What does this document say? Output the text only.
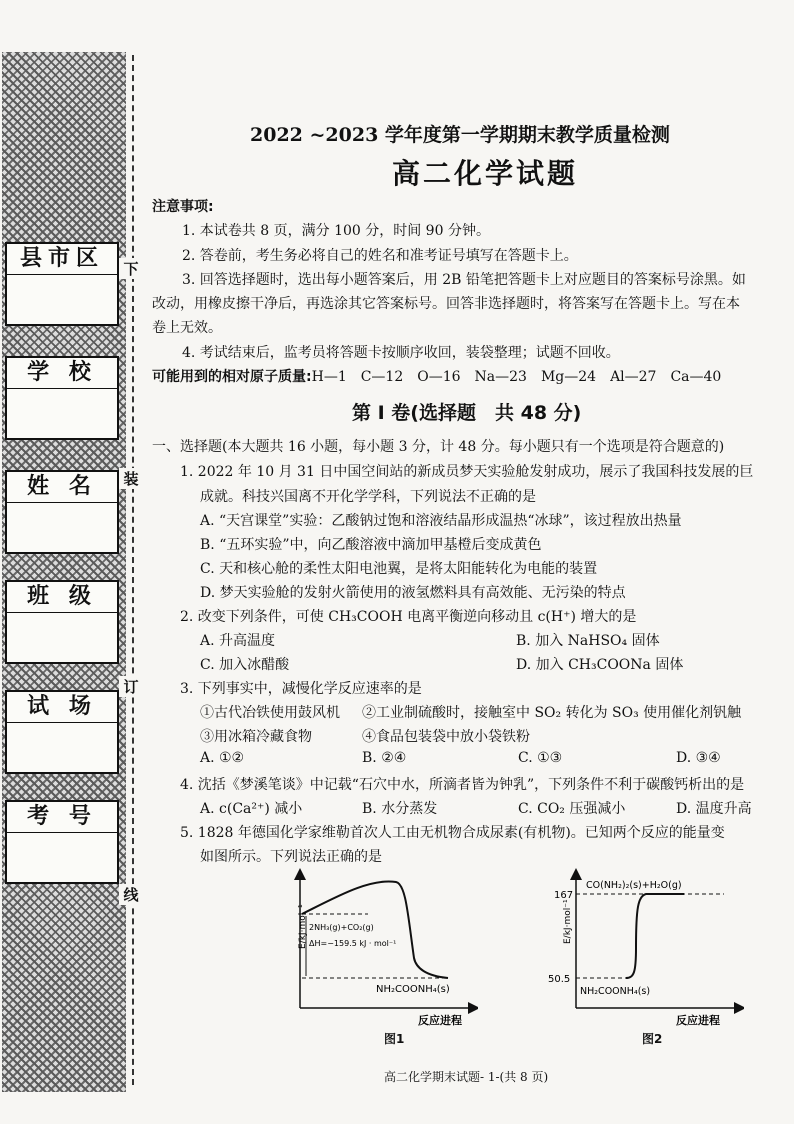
县市区
学 校
姓 名
班 级
试 场
考 号
下
装
订
线
2022 ~2023 学年度第一学期期末教学质量检测
高二化学试题
注意事项:
1. 本试卷共 8 页，满分 100 分，时间 90 分钟。
2. 答卷前，考生务必将自己的姓名和准考证号填写在答题卡上。
3. 回答选择题时，选出每小题答案后，用 2B 铅笔把答题卡上对应题目的答案标号涂黑。如
改动，用橡皮擦干净后，再选涂其它答案标号。回答非选择题时，将答案写在答题卡上。写在本
卷上无效。
4. 考试结束后，监考员将答题卡按顺序收回，装袋整理；试题不回收。
可能用到的相对原子质量:H—1　C—12　O—16　Na—23　Mg—24　Al—27　Ca—40
第 Ⅰ 卷(选择题　共 48 分)
一、选择题(本大题共 16 小题，每小题 3 分，计 48 分。每小题只有一个选项是符合题意的)
1. 2022 年 10 月 31 日中国空间站的新成员梦天实验舱发射成功，展示了我国科技发展的巨
成就。科技兴国离不开化学学科，下列说法不正确的是
A. “天宫课堂”实验：乙酸钠过饱和溶液结晶形成温热“冰球”，该过程放出热量
B. “五环实验”中，向乙酸溶液中滴加甲基橙后变成黄色
C. 天和核心舱的柔性太阳电池翼，是将太阳能转化为电能的装置
D. 梦天实验舱的发射火箭使用的液氢燃料具有高效能、无污染的特点
2. 改变下列条件，可使 CH₃COOH 电离平衡逆向移动且 c(H⁺) 增大的是
A. 升高温度	B. 加入 NaHSO₄ 固体
C. 加入冰醋酸	D. 加入 CH₃COONa 固体
3. 下列事实中，减慢化学反应速率的是
①古代冶铁使用鼓风机 ②工业制硫酸时，接触室中 SO₂ 转化为 SO₃ 使用催化剂钒触
③用冰箱冷藏食物	④食品包装袋中放小袋铁粉
A. ①②	B. ②④	C. ①③	D. ③④
4. 沈括《梦溪笔谈》中记载“石穴中水，所滴者皆为钟乳”，下列条件不利于碳酸钙析出的是
A. c(Ca²⁺) 减小	B. 水分蒸发	C. CO₂ 压强减小	D. 温度升高
5. 1828 年德国化学家维勒首次人工由无机物合成尿素(有机物)。已知两个反应的能量变
如图所示。下列说法正确的是
E/kJ·mol⁻¹ 2NH₃(g)+CO₂(g)
ΔH=−159.5 kJ · mol⁻¹
NH₂COONH₄(s)
反应进程
图1
E/kJ·mol⁻¹
167
50.5
CO(NH₂)₂(s)+H₂O(g)
NH₂COONH₄(s)
反应进程
图2
高二化学期末试题- 1-(共 8 页)
